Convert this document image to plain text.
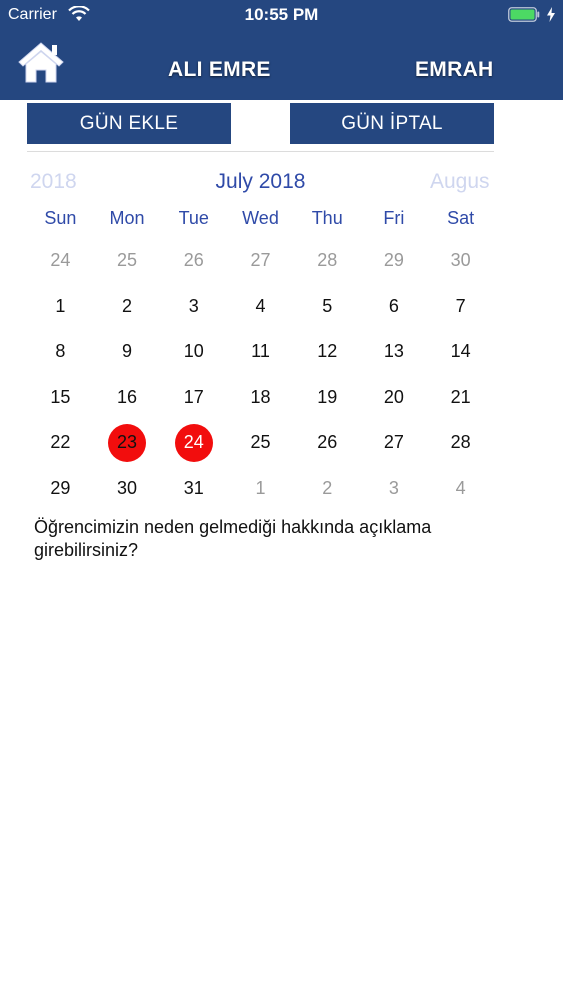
Carrier	10:55 PM
ALI EMRE	EMRAH
GÜN EKLE	GÜN İPTAL
2018	July 2018	Augus
Sun	Mon	Tue	Wed	Thu	Fri	Sat
24	25	26	27	28	29	30
1	2	3	4	5	6	7
8	9	10	11	12	13	14
15	16	17	18	19	20	21
22	23	24	25	26	27	28
29	30	31	1	2	3	4

Öğrencimizin neden gelmediği hakkında açıklama girebilirsiniz?
